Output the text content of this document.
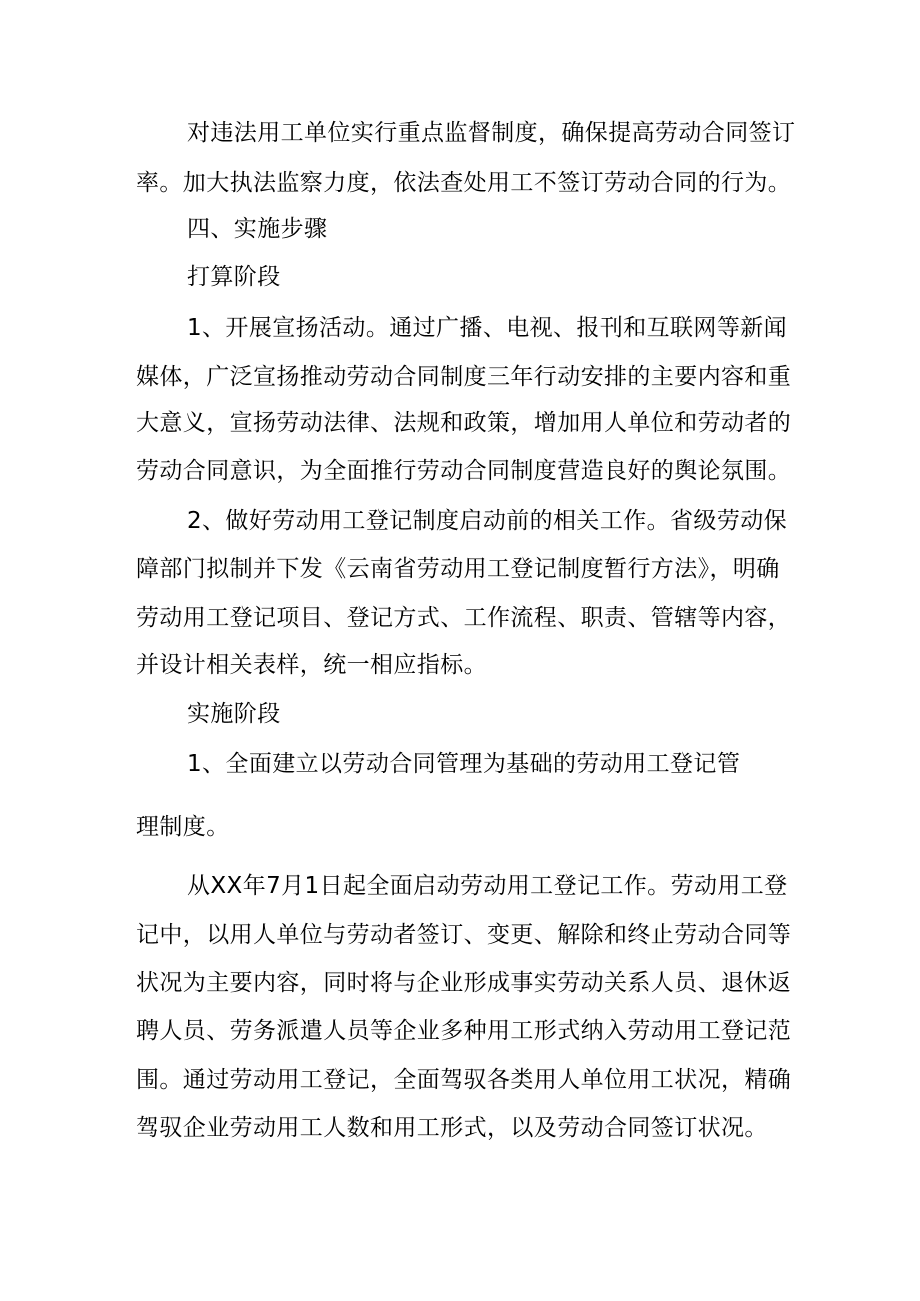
对违法用工单位实行重点监督制度，确保提高劳动合同签订
率。加大执法监察力度，依法查处用工不签订劳动合同的行为。
四、实施步骤
打算阶段
1、开展宣扬活动。通过广播、电视、报刊和互联网等新闻
媒体，广泛宣扬推动劳动合同制度三年行动安排的主要内容和重
大意义，宣扬劳动法律、法规和政策，增加用人单位和劳动者的
劳动合同意识，为全面推行劳动合同制度营造良好的舆论氛围。
2、做好劳动用工登记制度启动前的相关工作。省级劳动保
障部门拟制并下发《云南省劳动用工登记制度暂行方法》，明确
劳动用工登记项目、登记方式、工作流程、职责、管辖等内容，
并设计相关表样，统一相应指标。
实施阶段
1、全面建立以劳动合同管理为基础的劳动用工登记管
理制度。
从XX年7月1日起全面启动劳动用工登记工作。劳动用工登
记中，以用人单位与劳动者签订、变更、解除和终止劳动合同等
状况为主要内容，同时将与企业形成事实劳动关系人员、退休返
聘人员、劳务派遣人员等企业多种用工形式纳入劳动用工登记范
围。通过劳动用工登记，全面驾驭各类用人单位用工状况，精确
驾驭企业劳动用工人数和用工形式，以及劳动合同签订状况。
